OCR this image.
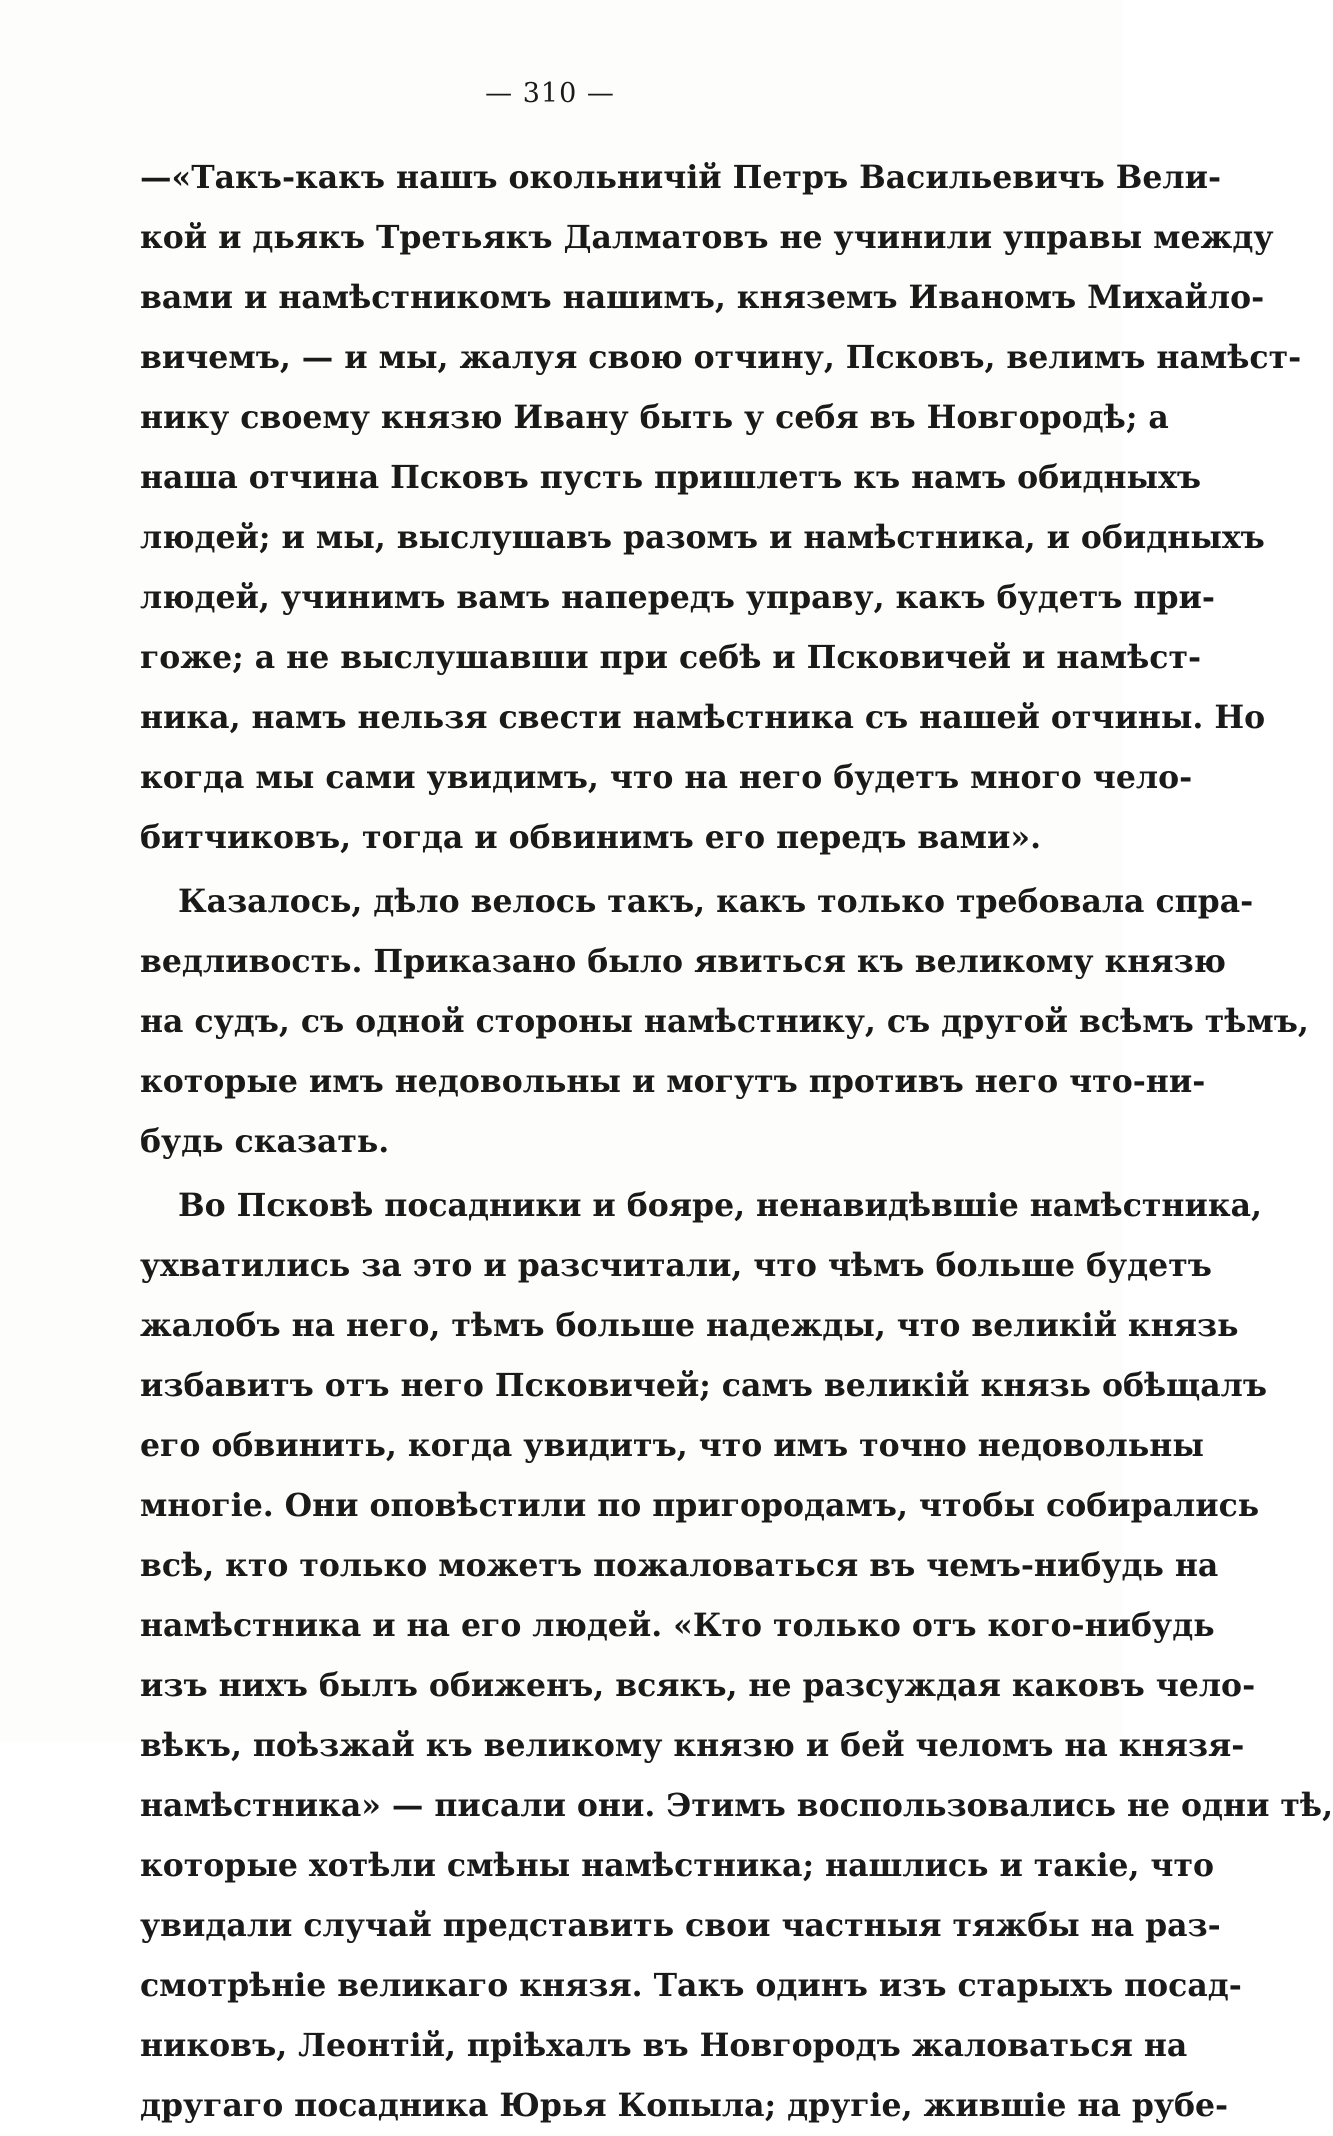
— 310 —
—«Такъ-какъ нашъ окольничій Петръ Васильевичъ Вели-
кой и дьякъ Третьякъ Далматовъ не учинили управы между
вами и намѣстникомъ нашимъ, княземъ Иваномъ Михайло-
вичемъ, — и мы, жалуя свою отчину, Псковъ, велимъ намѣст-
нику своему князю Ивану быть у себя въ Новгородѣ; а
наша отчина Псковъ пусть пришлетъ къ намъ обидныхъ
людей; и мы, выслушавъ разомъ и намѣстника, и обидныхъ
людей, учинимъ вамъ напередъ управу, какъ будетъ при-
гоже; а не выслушавши при себѣ и Псковичей и намѣст-
ника, намъ нельзя свести намѣстника съ нашей отчины. Но
когда мы сами увидимъ, что на него будетъ много чело-
битчиковъ, тогда и обвинимъ его передъ вами».
Казалось, дѣло велось такъ, какъ только требовала спра-
ведливость. Приказано было явиться къ великому князю
на судъ, съ одной стороны намѣстнику, съ другой всѣмъ тѣмъ,
которые имъ недовольны и могутъ противъ него что-ни-
будь сказать.
Во Псковѣ посадники и бояре, ненавидѣвшіе намѣстника,
ухватились за это и разсчитали, что чѣмъ больше будетъ
жалобъ на него, тѣмъ больше надежды, что великій князь
избавитъ отъ него Псковичей; самъ великій князь обѣщалъ
его обвинить, когда увидитъ, что имъ точно недовольны
многіе. Они оповѣстили по пригородамъ, чтобы собирались
всѣ, кто только можетъ пожаловаться въ чемъ-нибудь на
намѣстника и на его людей. «Кто только отъ кого-нибудь
изъ нихъ былъ обиженъ, всякъ, не разсуждая каковъ чело-
вѣкъ, поѣзжай къ великому князю и бей челомъ на князя-
намѣстника» — писали они. Этимъ воспользовались не одни тѣ,
которые хотѣли смѣны намѣстника; нашлись и такіе, что
увидали случай представить свои частныя тяжбы на раз-
смотрѣніе великаго князя. Такъ одинъ изъ старыхъ посад-
никовъ, Леонтій, пріѣхалъ въ Новгородъ жаловаться на
другаго посадника Юрья Копыла; другіе, жившіе на рубе-
